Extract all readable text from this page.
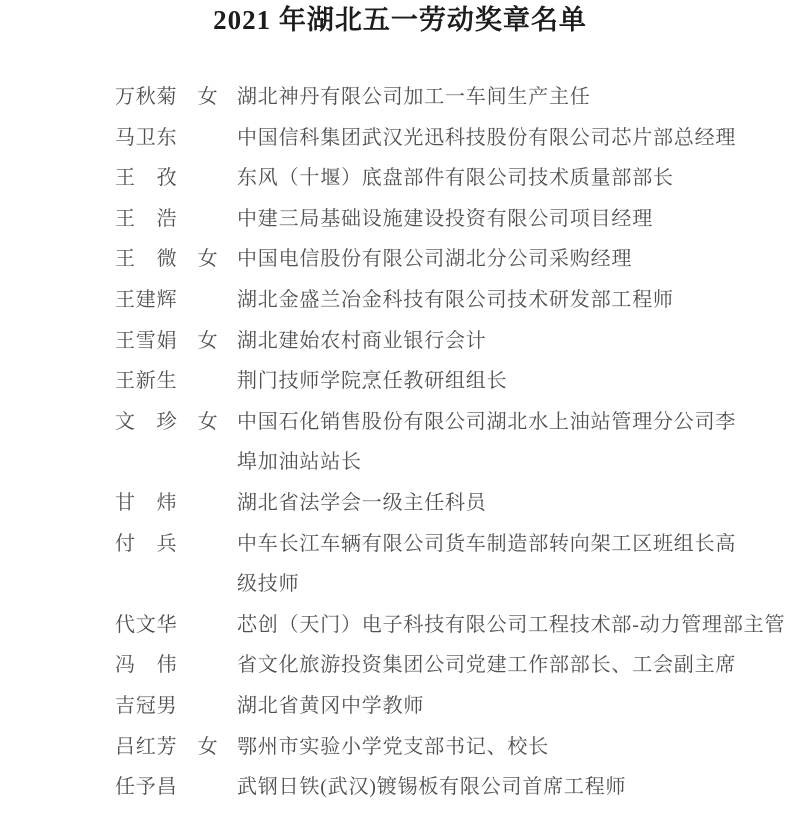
2021 年湖北五一劳动奖章名单
万秋菊	女 湖北神丹有限公司加工一车间生产主任
马卫东	中国信科集团武汉光迅科技股份有限公司芯片部总经理
王　孜	东风（十堰）底盘部件有限公司技术质量部部长
王　浩	中建三局基础设施建设投资有限公司项目经理
王　微	女 中国电信股份有限公司湖北分公司采购经理
王建辉	湖北金盛兰冶金科技有限公司技术研发部工程师
王雪娟	女 湖北建始农村商业银行会计
王新生	荆门技师学院烹任教研组组长
文　珍	女 中国石化销售股份有限公司湖北水上油站管理分公司李
埠加油站站长
甘　炜	湖北省法学会一级主任科员
付　兵	中车长江车辆有限公司货车制造部转向架工区班组长高
级技师
代文华	芯创（天门）电子科技有限公司工程技术部-动力管理部主管
冯　伟	省文化旅游投资集团公司党建工作部部长、工会副主席
吉冠男	湖北省黄冈中学教师
吕红芳	女 鄂州市实验小学党支部书记、校长
任予昌	武钢日铁(武汉)镀锡板有限公司首席工程师
